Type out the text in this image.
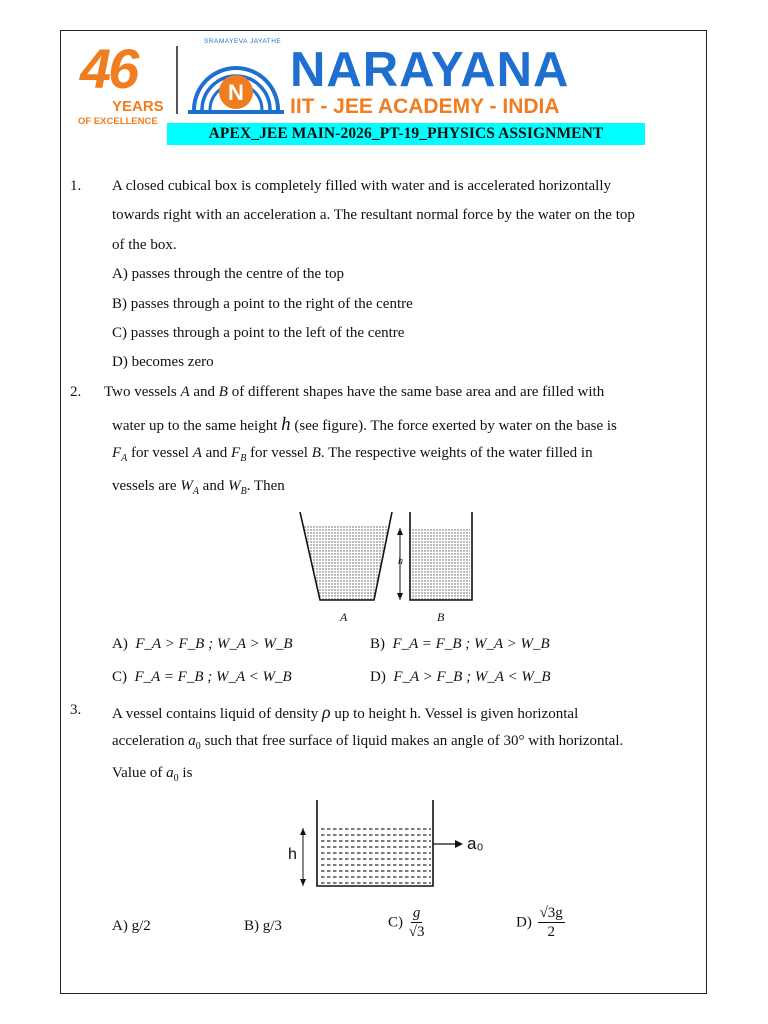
46
YEARS
OF EXCELLENCE
N
SRAMAYEVA JAYATHE
NARAYANA
IIT - JEE ACADEMY - INDIA
APEX_JEE MAIN-2026_PT-19_PHYSICS ASSIGNMENT
1. A closed cubical box is completely filled with water and is accelerated horizontally
towards right with an acceleration a. The resultant normal force by the water on the top
of the box.
A) passes through the centre of the top
B) passes through a point to the right of the centre
C) passes through a point to the left of the centre
D) becomes zero
2. Two vessels A and B of different shapes have the same base area and are filled with
water up to the same height h (see figure). The force exerted by water on the base is
$F_A$ for vessel A and $F_B$ for vessel B. The respective weights of the water filled in
vessels are $W_A$ and $W_B$. Then
h
A	B
A) F_A > F_B ; W_A > W_B	B) F_A = F_B ; W_A > W_B
C) F_A = F_B ; W_A < W_B	D) F_A > F_B ; W_A < W_B
3. A vessel contains liquid of density ρ up to height h. Vessel is given horizontal
acceleration $a_0$ such that free surface of liquid makes an angle of 30° with horizontal.
Value of $a_0$ is
h
a₀
A) g/2	B) g/3	$C) \frac{g}{√3}$	$D) \frac{√3g}{2}$
